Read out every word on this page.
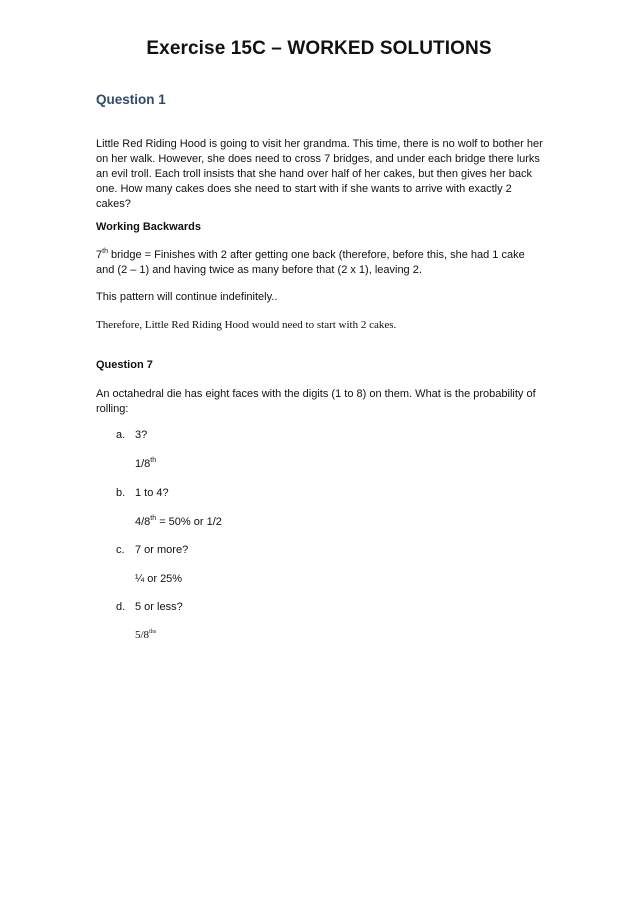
Exercise 15C – WORKED SOLUTIONS
Question 1

Little Red Riding Hood is going to visit her grandma. This time, there is no wolf to bother her on her walk. However, she does need to cross 7 bridges, and under each bridge there lurks an evil troll. Each troll insists that she hand over half of her cakes, but then gives her back one. How many cakes does she need to start with if she wants to arrive with exactly 2 cakes?

Working Backwards

7th bridge = Finishes with 2 after getting one back (therefore, before this, she had 1 cake and (2 – 1) and having twice as many before that (2 x 1), leaving 2.

This pattern will continue indefinitely..

Therefore, Little Red Riding Hood would need to start with 2 cakes.

Question 7

An octahedral die has eight faces with the digits (1 to 8) on them. What is the probability of rolling:

a. 3?

1/8th

b. 1 to 4?

4/8th = 50% or 1/2

c. 7 or more?

¼ or 25%

d. 5 or less?

$5/8^{ths}$
